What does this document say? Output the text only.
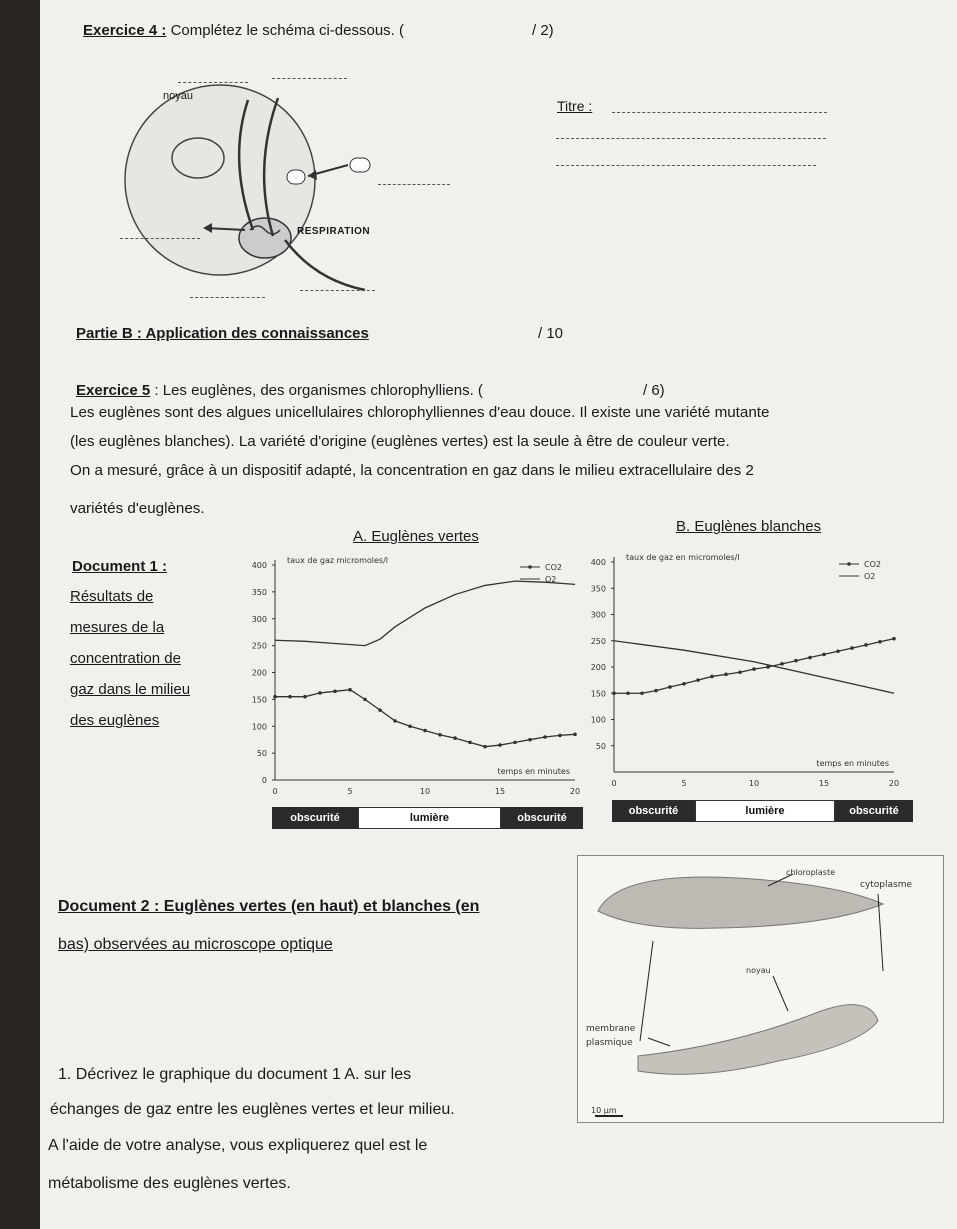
Exercice 4 : Complétez le schéma ci-dessous. (	/ 2)
noyau
RESPIRATION
Titre :
Partie B : Application des connaissances	/ 10
Exercice 5 : Les euglènes, des organismes chlorophylliens. (	/ 6)
Les euglènes sont des algues unicellulaires chlorophylliennes d'eau douce. Il existe une variété mutante
(les euglènes blanches). La variété d'origine (euglènes vertes) est la seule à être de couleur verte.
On a mesuré, grâce à un dispositif adapté, la concentration en gaz dans le milieu extracellulaire des 2
variétés d'euglènes.
Document 1 :
Résultats de
mesures de la
concentration de
gaz dans le milieu
des euglènes
A. Euglènes vertes
B. Euglènes blanches
0	5	10	15	20
0
50
100
150
200
250
300
350
400
taux de gaz micromoles/l
temps en minutes
CO2
O2
0	5	10	15	20
50
100
150
200
250
300
350
400
taux de gaz en micromoles/l
temps en minutes
CO2
O2
obscurité	lumière	obscurité
obscurité	lumière	obscurité
Document 2 : Euglènes vertes (en haut) et blanches (en
bas) observées au microscope optique
chloroplaste
cytoplasme
noyau
membrane
plasmique
10 µm
1. Décrivez le graphique du document 1 A. sur les
échanges de gaz entre les euglènes vertes et leur milieu.
A l'aide de votre analyse, vous expliquerez quel est le
métabolisme des euglènes vertes.
